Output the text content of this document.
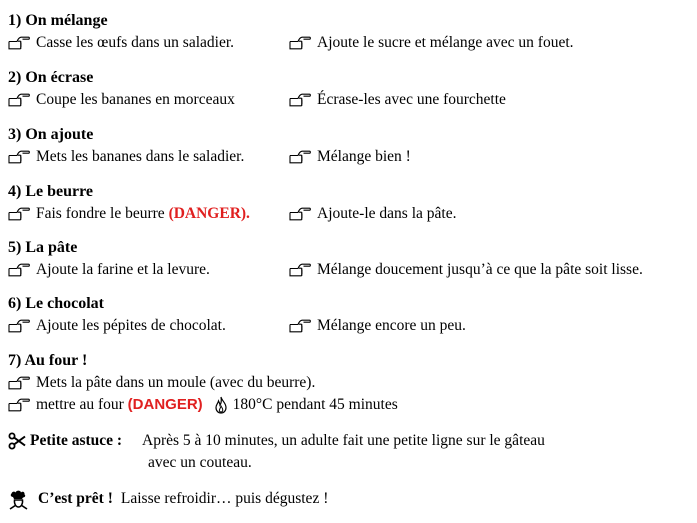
1) On mélange
Casse les œufs dans un saladier.	Ajoute le sucre et mélange avec un fouet.
2) On écrase
Coupe les bananes en morceaux	Écrase-les avec une fourchette
3) On ajoute
Mets les bananes dans le saladier.	Mélange bien !
4) Le beurre
Fais fondre le beurre (DANGER).	Ajoute-le dans la pâte.
5) La pâte
Ajoute la farine et la levure.	Mélange doucement jusqu’à ce que la pâte soit lisse.
6) Le chocolat
Ajoute les pépites de chocolat.	Mélange encore un peu.
7) Au four !
Mets la pâte dans un moule (avec du beurre).
mettre au four (DANGER) 180°C pendant 45 minutes
Petite astuce : Après 5 à 10 minutes, un adulte fait une petite ligne sur le gâteau
avec un couteau.
C’est prêt ! Laisse refroidir… puis dégustez !
